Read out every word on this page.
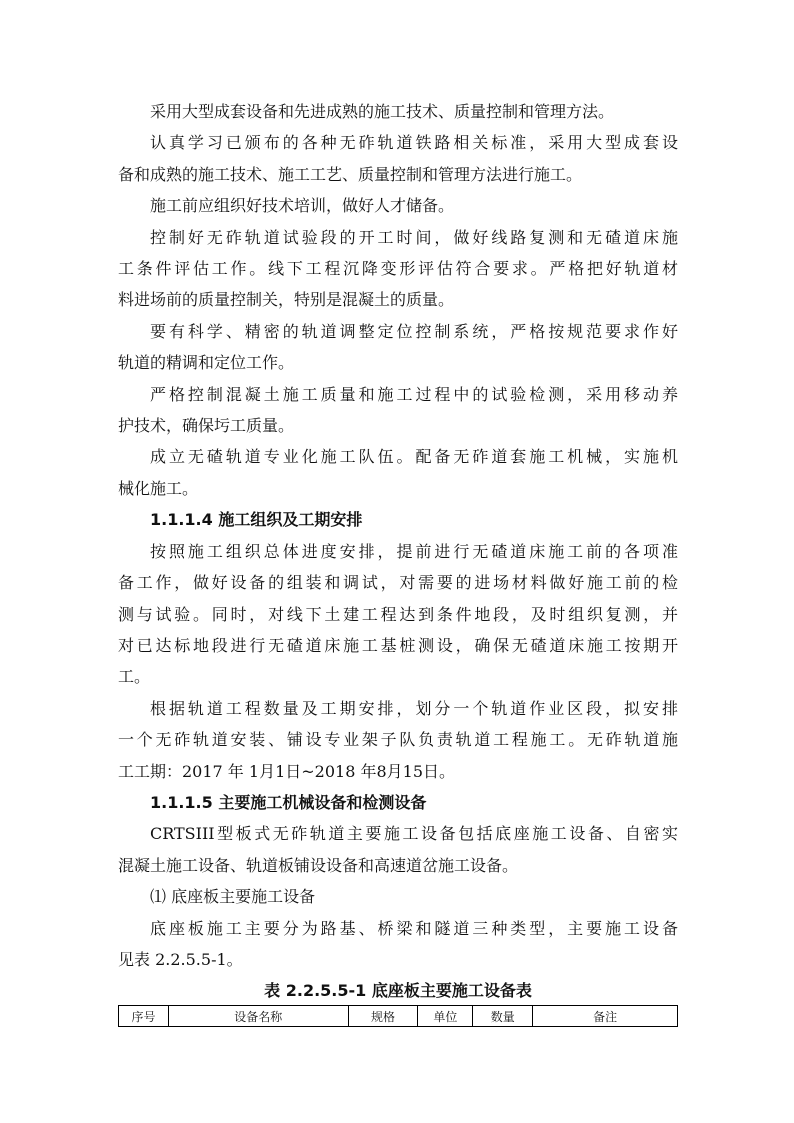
采用大型成套设备和先进成熟的施工技术、质量控制和管理方法。

认真学习已颁布的各种无砟轨道铁路相关标准，采用大型成套设

备和成熟的施工技术、施工工艺、质量控制和管理方法进行施工。

施工前应组织好技术培训，做好人才储备。

控制好无砟轨道试验段的开工时间，做好线路复测和无碴道床施

工条件评估工作。线下工程沉降变形评估符合要求。严格把好轨道材

料进场前的质量控制关，特别是混凝土的质量。

要有科学、精密的轨道调整定位控制系统，严格按规范要求作好

轨道的精调和定位工作。

严格控制混凝土施工质量和施工过程中的试验检测，采用移动养

护技术，确保圬工质量。

成立无碴轨道专业化施工队伍。配备无砟道套施工机械，实施机

械化施工。

1.1.1.4 施工组织及工期安排

按照施工组织总体进度安排，提前进行无碴道床施工前的各项准

备工作，做好设备的组装和调试，对需要的进场材料做好施工前的检

测与试验。同时，对线下土建工程达到条件地段，及时组织复测，并

对已达标地段进行无碴道床施工基桩测设，确保无碴道床施工按期开

工。

根据轨道工程数量及工期安排，划分一个轨道作业区段，拟安排

一个无砟轨道安装、铺设专业架子队负责轨道工程施工。无砟轨道施

工工期：2017 年 1月1日~2018 年8月15日。

1.1.1.5 主要施工机械设备和检测设备

CRTSIII型板式无砟轨道主要施工设备包括底座施工设备、自密实

混凝土施工设备、轨道板铺设设备和高速道岔施工设备。

⑴ 底座板主要施工设备

底座板施工主要分为路基、桥梁和隧道三种类型，主要施工设备

见表 2.2.5.5-1。

表 2.2.5.5-1 底座板主要施工设备表
序号	设备名称	规格	单位	数量	备注
